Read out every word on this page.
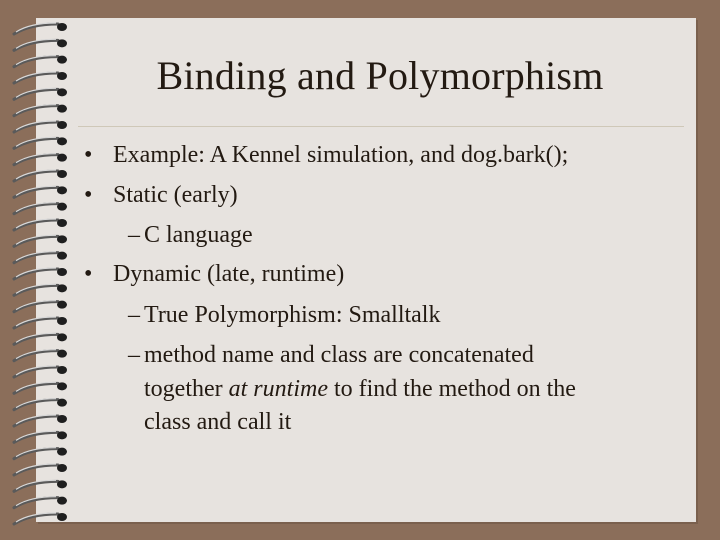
Binding and Polymorphism
• Example: A Kennel simulation, and dog.bark();
• Static (early)
– C language
• Dynamic (late, runtime)
– True Polymorphism: Smalltalk
– method name and class are concatenated
together at runtime to find the method on the
class and call it
